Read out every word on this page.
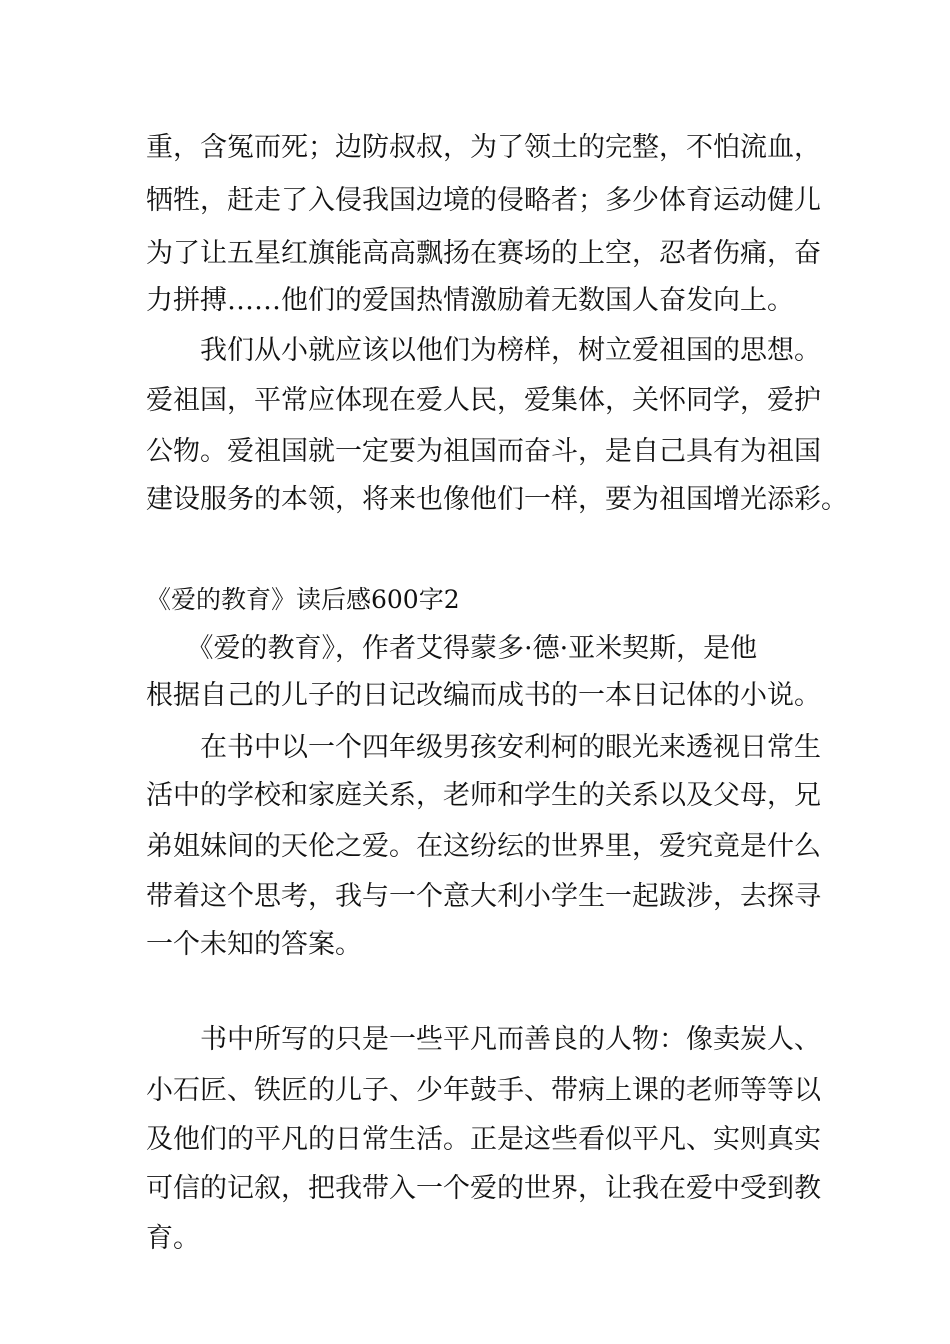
重，含冤而死；边防叔叔，为了领土的完整，不怕流血，
牺牲，赶走了入侵我国边境的侵略者；多少体育运动健儿
为了让五星红旗能高高飘扬在赛场的上空，忍者伤痛，奋
力拼搏……他们的爱国热情激励着无数国人奋发向上。
　　我们从小就应该以他们为榜样，树立爱祖国的思想。
爱祖国，平常应体现在爱人民，爱集体，关怀同学，爱护
公物。爱祖国就一定要为祖国而奋斗，是自己具有为祖国
建设服务的本领，将来也像他们一样，要为祖国增光添彩。
《爱的教育》读后感600字2
　　《爱的教育》，作者艾得蒙多·德·亚米契斯，是他
根据自己的儿子的日记改编而成书的一本日记体的小说。
　　在书中以一个四年级男孩安利柯的眼光来透视日常生
活中的学校和家庭关系，老师和学生的关系以及父母，兄
弟姐妹间的天伦之爱。在这纷纭的世界里，爱究竟是什么
带着这个思考，我与一个意大利小学生一起跋涉，去探寻
一个未知的答案。
　　书中所写的只是一些平凡而善良的人物：像卖炭人、
小石匠、铁匠的儿子、少年鼓手、带病上课的老师等等以
及他们的平凡的日常生活。正是这些看似平凡、实则真实
可信的记叙，把我带入一个爱的世界，让我在爱中受到教
育。
